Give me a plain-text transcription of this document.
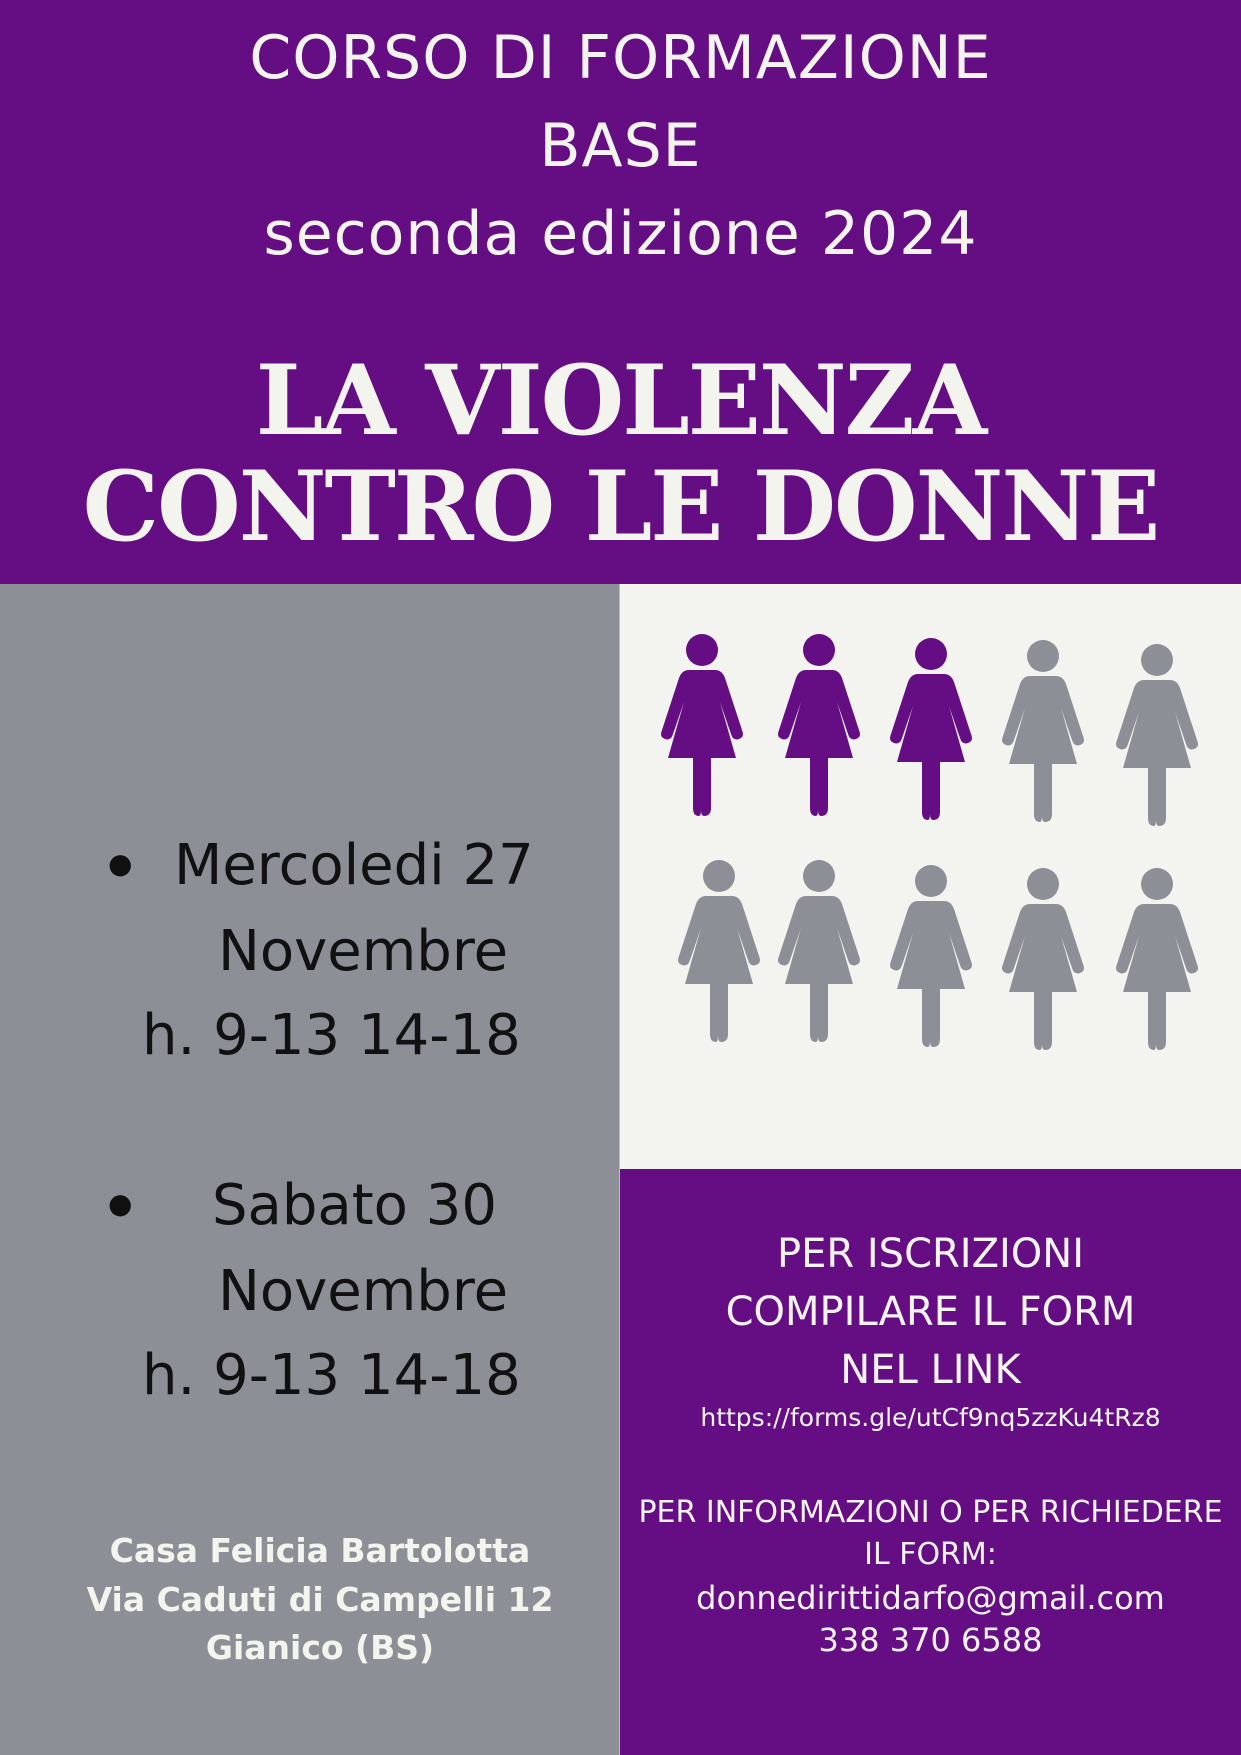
CORSO DI FORMAZIONE
BASE
seconda edizione 2024
LA VIOLENZA
CONTRO LE DONNE
● Mercoledi 27
Novembre
h. 9-13 14-18
● Sabato 30
Novembre
h. 9-13 14-18
Casa Felicia Bartolotta
Via Caduti di Campelli 12
Gianico (BS)
PER ISCRIZIONI
COMPILARE IL FORM
NEL LINK
https://forms.gle/utCf9nq5zzKu4tRz8
PER INFORMAZIONI O PER RICHIEDERE
IL FORM:
donnedirittidarfo@gmail.com
338 370 6588
